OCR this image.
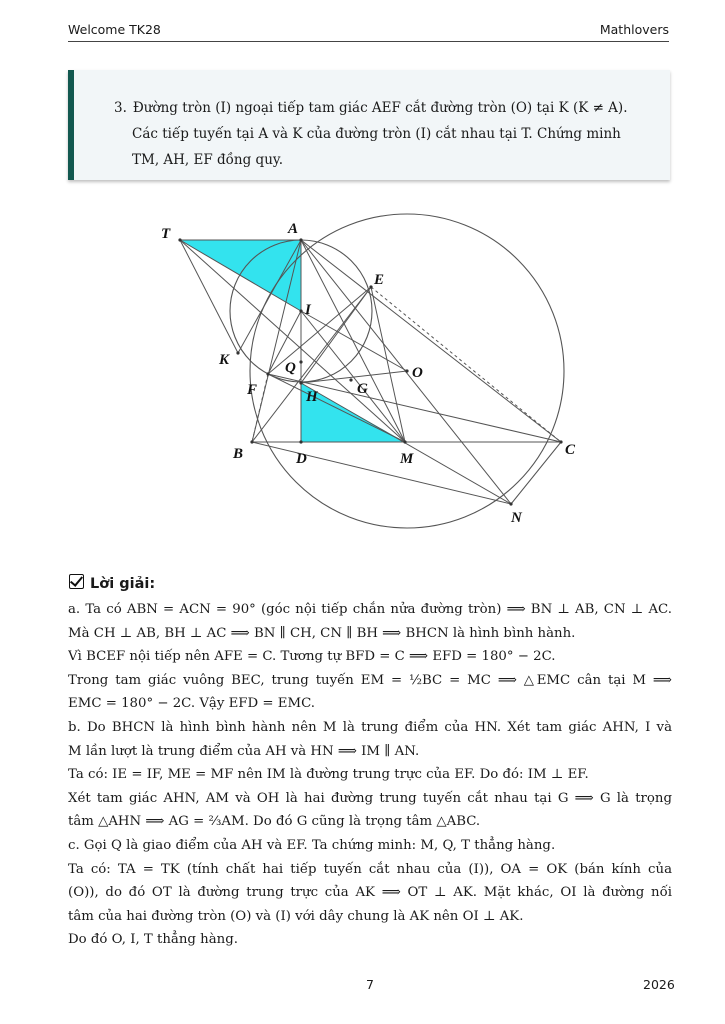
Welcome TK28	Mathlovers

3. Đường tròn (I) ngoại tiếp tam giác AEF cắt đường tròn (O) tại K (K ≠ A).

Các tiếp tuyến tại A và K của đường tròn (I) cắt nhau tại T. Chứng minh

TM, AH, EF đồng quy.

T	A
E
I
K	Q	O
F	H	G
B	D	M
C
N
Lời giải:
a. Ta có ABN = ACN = 90° (góc nội tiếp chắn nửa đường tròn) ⟹ BN ⊥ AB, CN ⊥ AC.
Mà CH ⊥ AB, BH ⊥ AC ⟹ BN ∥ CH, CN ∥ BH ⟹ BHCN là hình bình hành.
Vì BCEF nội tiếp nên AFE = C. Tương tự BFD = C ⟹ EFD = 180° − 2C.
Trong tam giác vuông BEC, trung tuyến EM = ½BC = MC ⟹ △EMC cân tại M ⟹
EMC = 180° − 2C. Vậy EFD = EMC.
b. Do BHCN là hình bình hành nên M là trung điểm của HN. Xét tam giác AHN, I và
M lần lượt là trung điểm của AH và HN ⟹ IM ∥ AN.
Ta có: IE = IF, ME = MF nên IM là đường trung trực của EF. Do đó: IM ⊥ EF.
Xét tam giác AHN, AM và OH là hai đường trung tuyến cắt nhau tại G ⟹ G là trọng
tâm △AHN ⟹ AG = ⅔AM. Do đó G cũng là trọng tâm △ABC.
c. Gọi Q là giao điểm của AH và EF. Ta chứng minh: M, Q, T thẳng hàng.
Ta có: TA = TK (tính chất hai tiếp tuyến cắt nhau của (I)), OA = OK (bán kính của
(O)), do đó OT là đường trung trực của AK ⟹ OT ⊥ AK. Mặt khác, OI là đường nối
tâm của hai đường tròn (O) và (I) với dây chung là AK nên OI ⊥ AK.
Do đó O, I, T thẳng hàng.
7	2026
